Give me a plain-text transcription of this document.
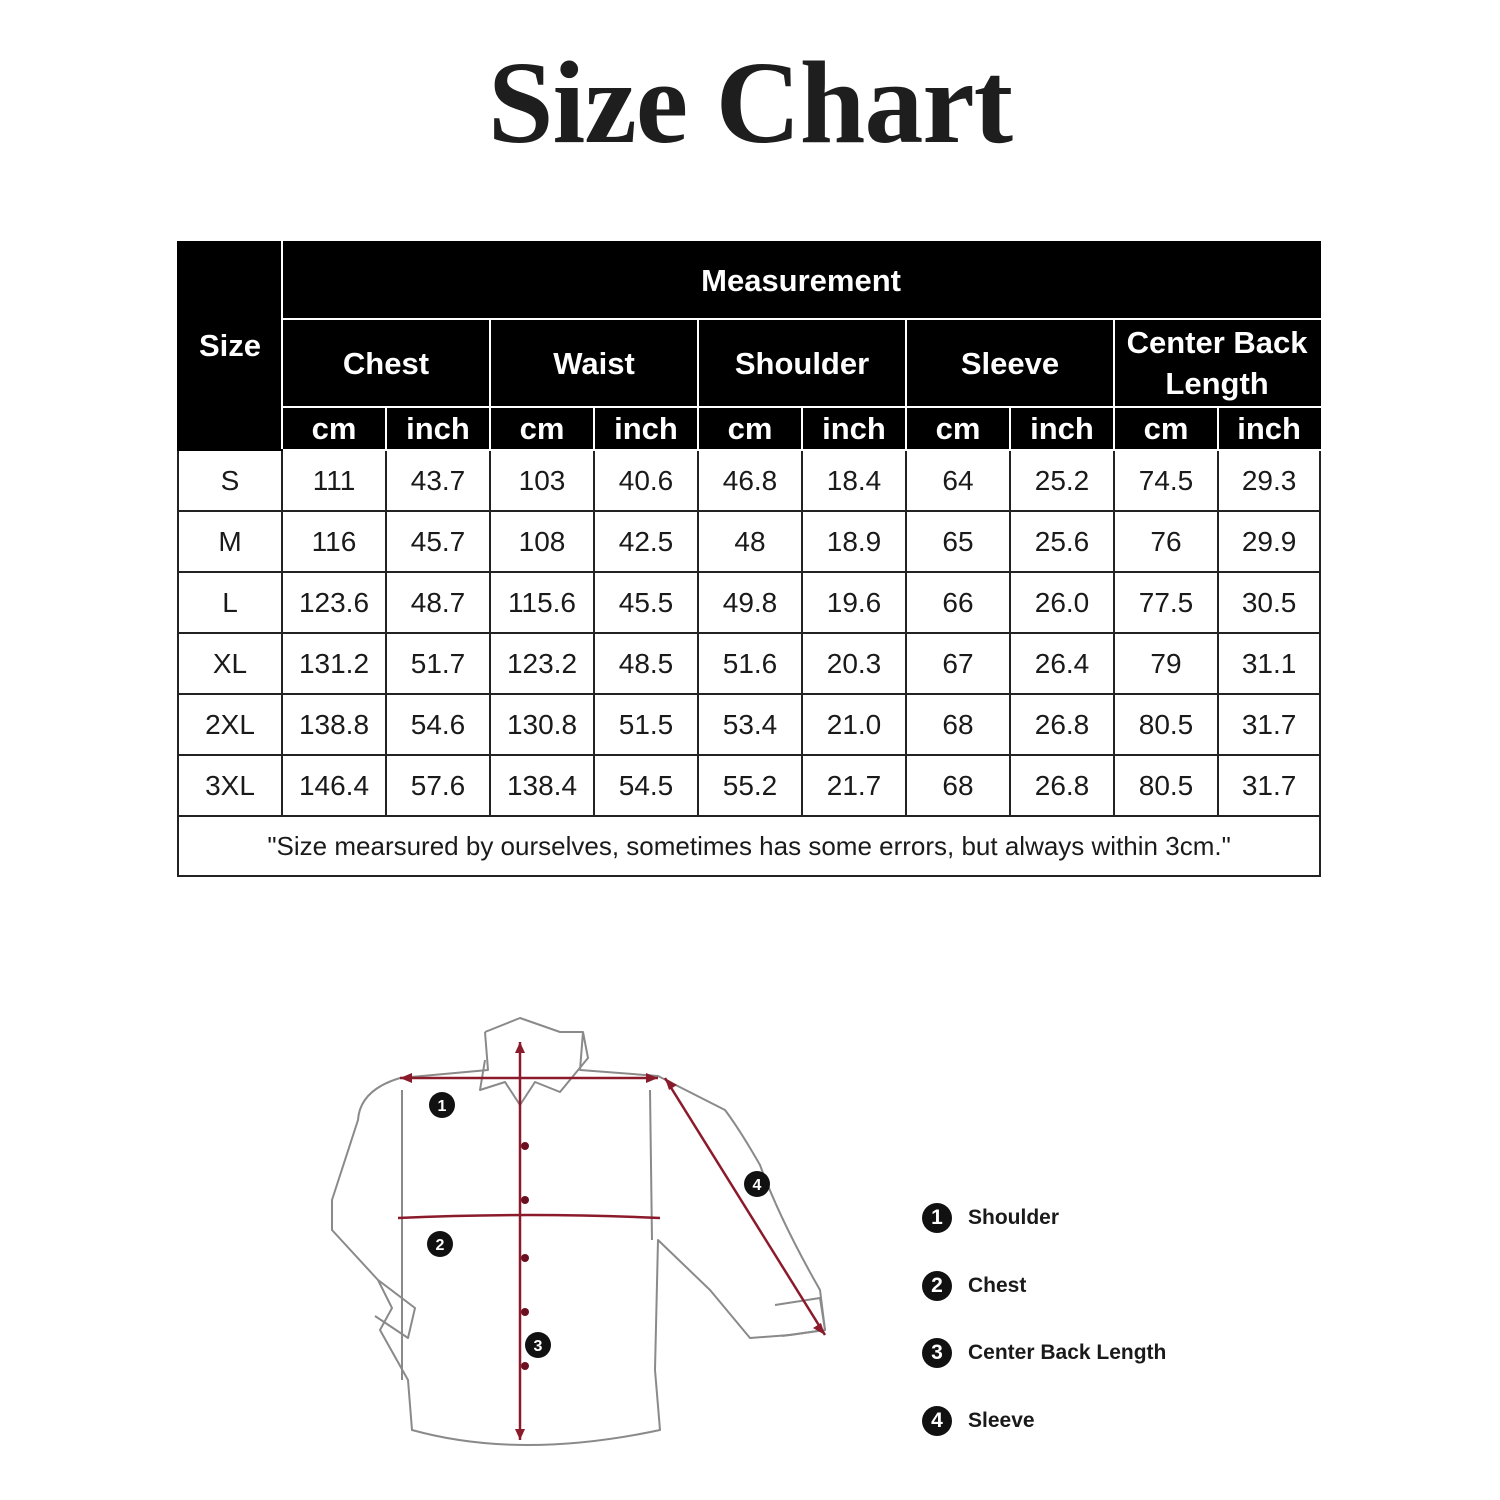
Size Chart
Size	Measurement									
	Chest		Waist		Shoulder		Sleeve		Center Back Length	
	cm	inch	cm	inch	cm	inch	cm	inch	cm	inch
S	111	43.7	103	40.6	46.8	18.4	64	25.2	74.5	29.3
M	116	45.7	108	42.5	48	18.9	65	25.6	76	29.9
L	123.6	48.7	115.6	45.5	49.8	19.6	66	26.0	77.5	30.5
XL	131.2	51.7	123.2	48.5	51.6	20.3	67	26.4	79	31.1
2XL	138.8	54.6	130.8	51.5	53.4	21.0	68	26.8	80.5	31.7
3XL	146.4	57.6	138.4	54.5	55.2	21.7	68	26.8	80.5	31.7
"Size mearsured by ourselves, sometimes has some errors, but always within 3cm."										
1
2
3
4
1	Shoulder
2	Chest
3	Center Back Length
4	Sleeve
